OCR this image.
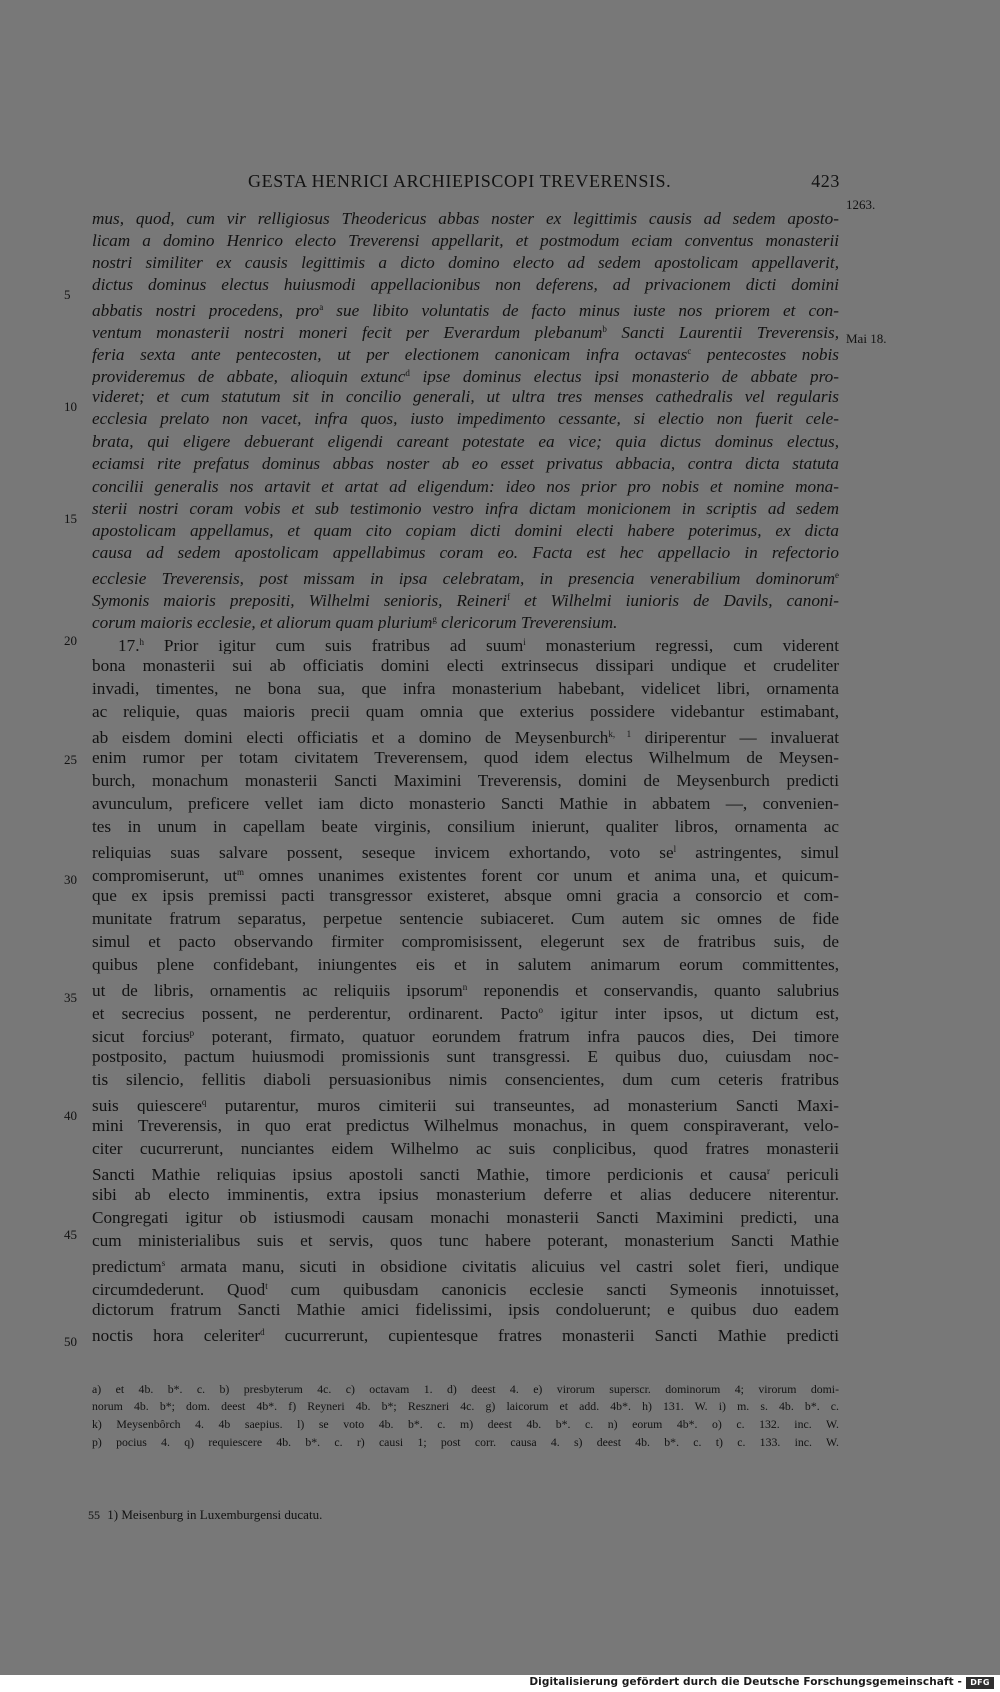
GESTA HENRICI ARCHIEPISCOPI TREVERENSIS.	423
1263.
Mai 18.
5
10
15
20
25
30
35
40
45
50
mus, quod, cum vir relligiosus Theodericus abbas noster ex legittimis causis ad sedem aposto-
licam a domino Henrico electo Treverensi appellarit, et postmodum eciam conventus monasterii
nostri similiter ex causis legittimis a dicto domino electo ad sedem apostolicam appellaverit,
dictus dominus electus huiusmodi appellacionibus non deferens, ad privacionem dicti domini
abbatis nostri procedens, pro$^a$ sue libito voluntatis de facto minus iuste nos priorem et con-
ventum monasterii nostri moneri fecit per Everardum plebanum$^b$ Sancti Laurentii Treverensis,
feria sexta ante pentecosten, ut per electionem canonicam infra octavas$^c$ pentecostes nobis
provideremus de abbate, alioquin extunc$^d$ ipse dominus electus ipsi monasterio de abbate pro-
videret; et cum statutum sit in concilio generali, ut ultra tres menses cathedralis vel regularis
ecclesia prelato non vacet, infra quos, iusto impedimento cessante, si electio non fuerit cele-
brata, qui eligere debuerant eligendi careant potestate ea vice; quia dictus dominus electus,
eciamsi rite prefatus dominus abbas noster ab eo esset privatus abbacia, contra dicta statuta
concilii generalis nos artavit et artat ad eligendum: ideo nos prior pro nobis et nomine mona-
sterii nostri coram vobis et sub testimonio vestro infra dictam monicionem in scriptis ad sedem
apostolicam appellamus, et quam cito copiam dicti domini electi habere poterimus, ex dicta
causa ad sedem apostolicam appellabimus coram eo. Facta est hec appellacio in refectorio
ecclesie Treverensis, post missam in ipsa celebratam, in presencia venerabilium dominorum$^e$
Symonis maioris prepositi, Wilhelmi senioris, Reineri$^f$ et Wilhelmi iunioris de Davils, canoni-
corum maioris ecclesie, et aliorum quam plurium$^g$ clericorum Treverensium.
17.$^h$ Prior igitur cum suis fratribus ad suum$^i$ monasterium regressi, cum viderent
bona monasterii sui ab officiatis domini electi extrinsecus dissipari undique et crudeliter
invadi, timentes, ne bona sua, que infra monasterium habebant, videlicet libri, ornamenta
ac reliquie, quas maioris precii quam omnia que exterius possidere videbantur estimabant,
ab eisdem domini electi officiatis et a domino de Meysenburch$^{k, 1}$ diriperentur — invaluerat
enim rumor per totam civitatem Treverensem, quod idem electus Wilhelmum de Meysen-
burch, monachum monasterii Sancti Maximini Treverensis, domini de Meysenburch predicti
avunculum, preficere vellet iam dicto monasterio Sancti Mathie in abbatem —, convenien-
tes in unum in capellam beate virginis, consilium inierunt, qualiter libros, ornamenta ac
reliquias suas salvare possent, seseque invicem exhortando, voto $se^l$ astringentes, simul
compromiserunt, $ut^m$ omnes unanimes existentes forent cor unum et anima una, et quicum-
que ex ipsis premissi pacti transgressor existeret, absque omni gracia a consorcio et com-
munitate fratrum separatus, perpetue sentencie subiaceret. Cum autem sic omnes de fide
simul et pacto observando firmiter compromisissent, elegerunt sex de fratribus suis, de
quibus plene confidebant, iniungentes eis et in salutem animarum eorum committentes,
ut de libris, ornamentis ac reliquiis ipsorum$^n$ reponendis et conservandis, quanto salubrius
et secrecius possent, ne perderentur, ordinarent. Pacto$^o$ igitur inter ipsos, ut dictum est,
sicut forcius$^p$ poterant, firmato, quatuor eorundem fratrum infra paucos dies, Dei timore
postposito, pactum huiusmodi promissionis sunt transgressi. E quibus duo, cuiusdam noc-
tis silencio, fellitis diaboli persuasionibus nimis consencientes, dum cum ceteris fratribus
suis quiescere$^q$ putarentur, muros cimiterii sui transeuntes, ad monasterium Sancti Maxi-
mini Treverensis, in quo erat predictus Wilhelmus monachus, in quem conspiraverant, velo-
citer cucurrerunt, nunciantes eidem Wilhelmo ac suis conplicibus, quod fratres monasterii
Sancti Mathie reliquias ipsius apostoli sancti Mathie, timore perdicionis et causa$^r$ periculi
sibi ab electo imminentis, extra ipsius monasterium deferre et alias deducere niterentur.
Congregati igitur ob istiusmodi causam monachi monasterii Sancti Maximini predicti, una
cum ministerialibus suis et servis, quos tunc habere poterant, monasterium Sancti Mathie
predictum$^s$ armata manu, sicuti in obsidione civitatis alicuius vel castri solet fieri, undique
circumdederunt. Quod$^t$ cum quibusdam canonicis ecclesie sancti Symeonis innotuisset,
dictorum fratrum Sancti Mathie amici fidelissimi, ipsis condoluerunt; e quibus duo eadem
noctis hora celeriter$^d$ cucurrerunt, cupientesque fratres monasterii Sancti Mathie predicti
a) et 4b. b*. c. b) presbyterum 4c. c) octavam 1. d) deest 4. e) virorum superscr. dominorum 4; virorum domi-
norum 4b. b*; dom. deest 4b*. f) Reyneri 4b. b*; Reszneri 4c. g) laicorum et add. 4b*. h) 131. W. i) m. s. 4b. b*. c.
k) Meysenbôrch 4. 4b saepius. l) se voto 4b. b*. c. m) deest 4b. b*. c. n) eorum 4b*. o) c. 132. inc. W.
p) pocius 4. q) requiescere 4b. b*. c. r) causi 1; post corr. causa 4. s) deest 4b. b*. c. t) c. 133. inc. W.
55 1) Meisenburg in Luxemburgensi ducatu.
Digitalisierung gefördert durch die Deutsche Forschungsgemeinschaft -	DFG
